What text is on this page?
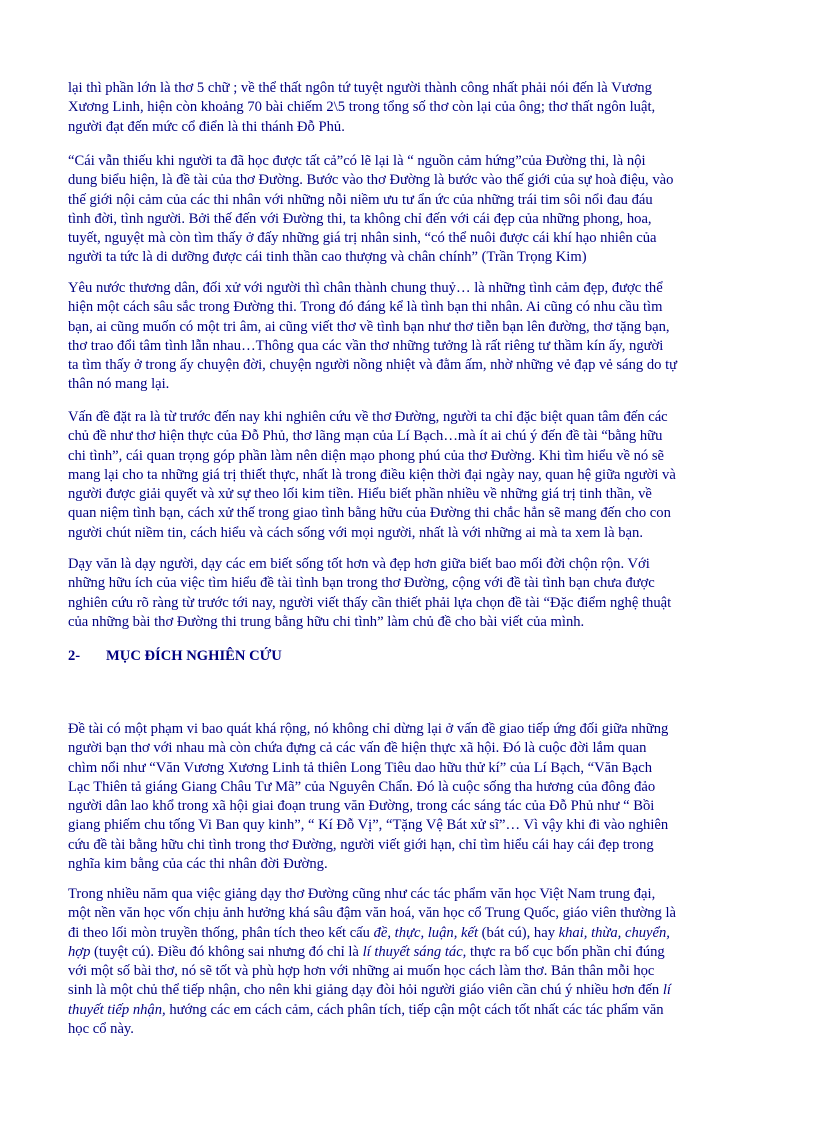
lại thì phần lớn là thơ 5 chữ ; về thể thất ngôn tứ tuyệt người thành công nhất phải nói đến là Vương
Xương Linh, hiện còn khoảng 70 bài chiếm 2\5 trong tổng số thơ còn lại của ông; thơ thất ngôn luật,
người đạt đến mức cổ điển là thi thánh Đỗ Phủ.

“Cái vẫn thiếu khi người ta đã học được tất cả”có lẽ lại là “ nguồn cảm hứng”của Đường thi, là nội
dung biểu hiện, là đề tài của thơ Đường. Bước vào thơ Đường là bước vào thế giới của sự hoà điệu, vào
thế giới nội cảm của các thi nhân với những nỗi niềm ưu tư ẩn ức của những trái tim sôi nổi đau đáu
tình đời, tình người. Bởi thế đến với Đường thi, ta không chỉ đến với cái đẹp của những phong, hoa,
tuyết, nguyệt mà còn tìm thấy ở đấy những giá trị nhân sinh, “có thể nuôi được cái khí hạo nhiên của
người ta tức là di dưỡng được cái tinh thần cao thượng và chân chính” (Trần Trọng Kim)

Yêu nước thương dân, đối xử với người thì chân thành chung thuỷ… là những tình cảm đẹp, được thể
hiện một cách sâu sắc trong Đường thi. Trong đó đáng kể là tình bạn thi nhân. Ai cũng có nhu cầu tìm
bạn, ai cũng muốn có một tri âm, ai cũng viết thơ về tình bạn như thơ tiễn bạn lên đường, thơ tặng bạn,
thơ trao đổi tâm tình lẫn nhau…Thông qua các vần thơ những tưởng là rất riêng tư thầm kín ấy, người
ta tìm thấy ở trong ấy chuyện đời, chuyện người nồng nhiệt và đằm ấm, nhờ những vẻ đạp vẻ sáng do tự
thân nó mang lại.

Vấn đề đặt ra là từ trước đến nay khi nghiên cứu về thơ Đường, người ta chỉ đặc biệt quan tâm đến các
chủ đề như thơ hiện thực của Đỗ Phủ, thơ lãng mạn của Lí Bạch…mà ít ai chú ý đến đề tài “bằng hữu
chi tình”, cái quan trọng góp phần làm nên diện mạo phong phú của thơ Đường. Khi tìm hiểu về nó sẽ
mang lại cho ta những giá trị thiết thực, nhất là trong điều kiện thời đại ngày nay, quan hệ giữa người và
người được giải quyết và xử sự theo lối kim tiền. Hiểu biết phần nhiều về những giá trị tinh thần, về
quan niệm tình bạn, cách xử thế trong giao tình bằng hữu của Đường thi chắc hẳn sẽ mang đến cho con
người chút niềm tin, cách hiểu và cách sống với mọi người, nhất là với những ai mà ta xem là bạn.

Dạy văn là dạy người, dạy các em biết sống tốt hơn và đẹp hơn giữa biết bao mối đời chộn rộn. Với
những hữu ích của việc tìm hiểu đề tài tình bạn trong thơ Đường, cộng với đề tài tình bạn chưa được
nghiên cứu rõ ràng từ trước tới nay, người viết thấy cần thiết phải lựa chọn đề tài “Đặc điểm nghệ thuật
của những bài thơ Đường thi trung bằng hữu chi tình” làm chủ đề cho bài viết của mình.

2- MỤC ĐÍCH NGHIÊN CỨU

Đề tài có một phạm vi bao quát khá rộng, nó không chỉ dừng lại ở vấn đề giao tiếp ứng đối giữa những
người bạn thơ với nhau mà còn chứa đựng cả các vấn đề hiện thực xã hội. Đó là cuộc đời lắm quan
chìm nổi như “Văn Vương Xương Linh tả thiên Long Tiêu dao hữu thử kí” của Lí Bạch, “Văn Bạch
Lạc Thiên tả giáng Giang Châu Tư Mã” của Nguyên Chẩn. Đó là cuộc sống tha hương của đông đảo
người dân lao khổ trong xã hội giai đoạn trung văn Đường, trong các sáng tác của Đỗ Phủ như “ Bồi
giang phiếm chu tống Vi Ban quy kinh”, “ Kí Đỗ Vị”, “Tặng Vệ Bát xử sĩ”… Vì vậy khi đi vào nghiên
cứu đề tài bằng hữu chi tình trong thơ Đường, người viết giới hạn, chỉ tìm hiểu cái hay cái đẹp trong
nghĩa kim bằng của các thi nhân đời Đường.

Trong nhiều năm qua việc giảng dạy thơ Đường cũng như các tác phẩm văn học Việt Nam trung đại,
một nền văn học vốn chịu ảnh hưởng khá sâu đậm văn hoá, văn học cổ Trung Quốc, giáo viên thường là
đi theo lối mòn truyền thống, phân tích theo kết cấu đề, thực, luận, kết (bát cú), hay khai, thừa, chuyển,
hợp (tuyệt cú). Điều đó không sai nhưng đó chỉ là lí thuyết sáng tác, thực ra bố cục bốn phần chỉ đúng
với một số bài thơ, nó sẽ tốt và phù hợp hơn với những ai muốn học cách làm thơ. Bản thân mỗi học
sinh là một chủ thể tiếp nhận, cho nên khi giảng dạy đòi hỏi người giáo viên cần chú ý nhiều hơn đến lí
thuyết tiếp nhận, hướng các em cách cảm, cách phân tích, tiếp cận một cách tốt nhất các tác phẩm văn
học cổ này.
